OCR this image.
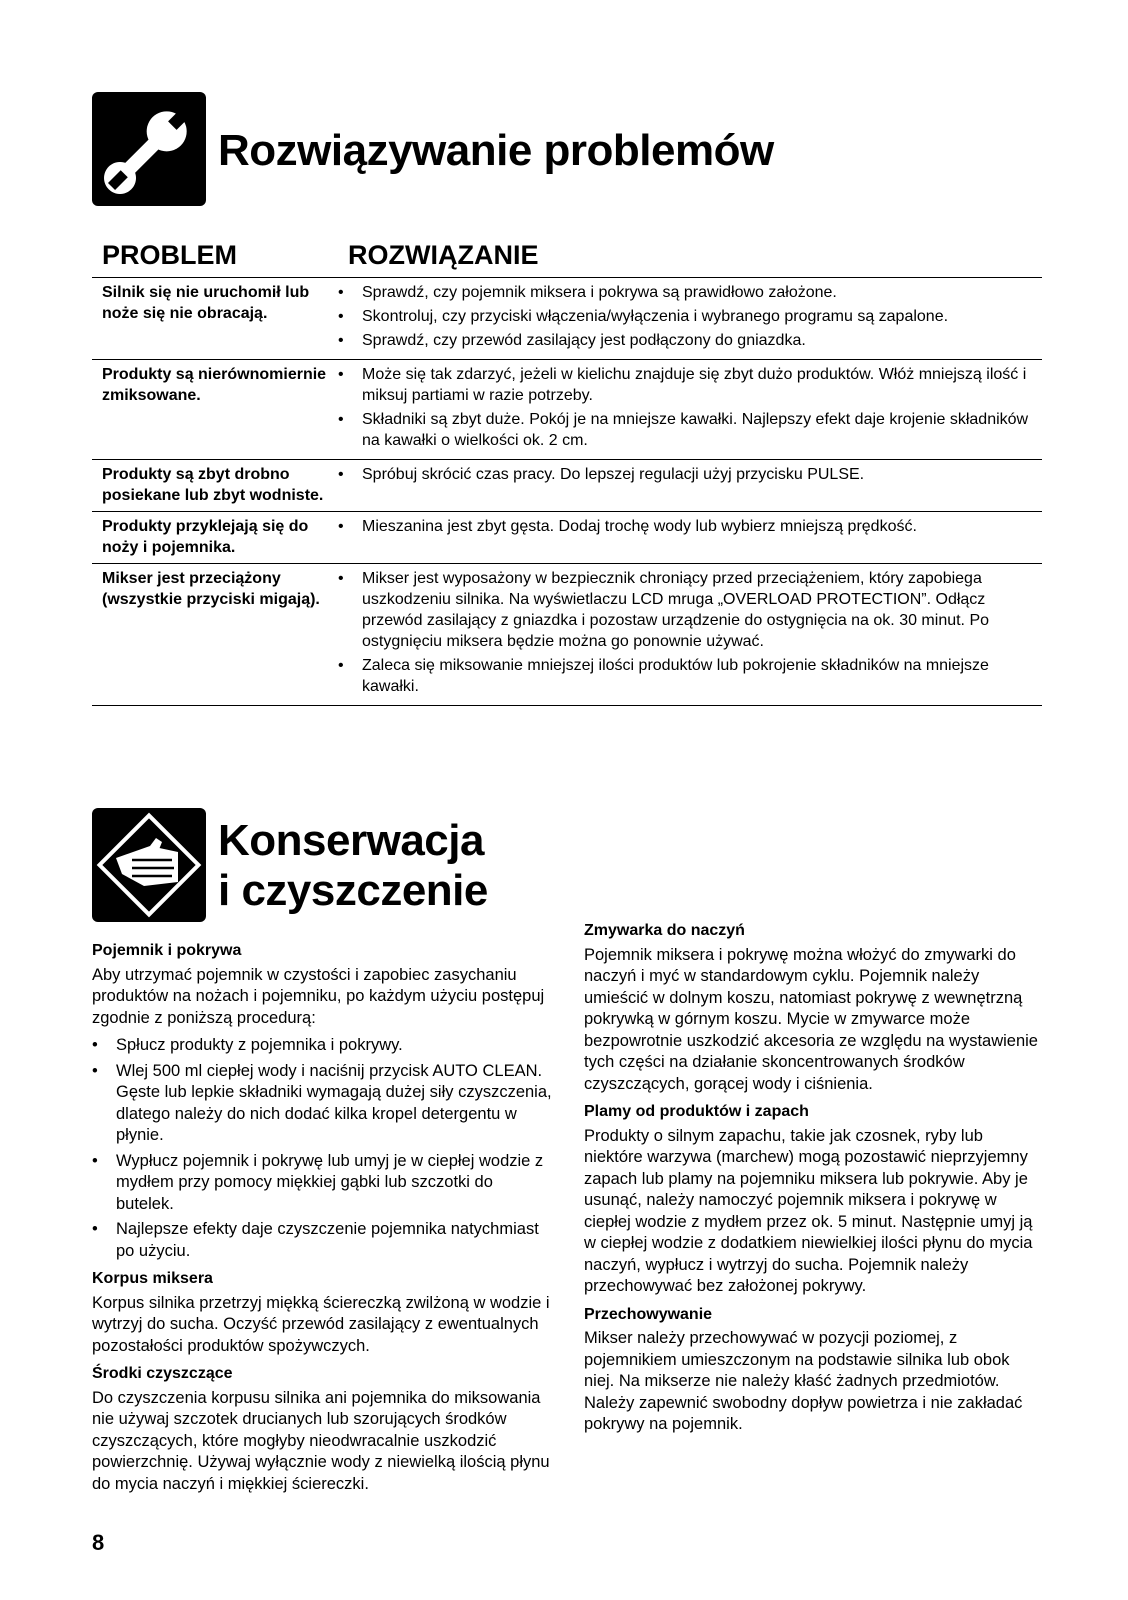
Rozwiązywanie problemów
PROBLEM	ROZWIĄZANIE
Silnik się nie uruchomił lub noże się nie obracają.
• Sprawdź, czy pojemnik miksera i pokrywa są prawidłowo założone.
• Skontroluj, czy przyciski włączenia/wyłączenia i wybranego programu są zapalone.
• Sprawdź, czy przewód zasilający jest podłączony do gniazdka.
Produkty są nierównomiernie zmiksowane.
• Może się tak zdarzyć, jeżeli w kielichu znajduje się zbyt dużo produktów. Włóż mniejszą ilość i miksuj partiami w razie potrzeby.
• Składniki są zbyt duże. Pokój je na mniejsze kawałki. Najlepszy efekt daje krojenie składników na kawałki o wielkości ok. 2 cm.
Produkty są zbyt drobno posiekane lub zbyt wodniste.
• Spróbuj skrócić czas pracy. Do lepszej regulacji użyj przycisku PULSE.
Produkty przyklejają się do noży i pojemnika.
• Mieszanina jest zbyt gęsta. Dodaj trochę wody lub wybierz mniejszą prędkość.
Mikser jest przeciążony (wszystkie przyciski migają).
• Mikser jest wyposażony w bezpiecznik chroniący przed przeciążeniem, który zapobiega uszkodzeniu silnika. Na wyświetlaczu LCD mruga „OVERLOAD PROTECTION”. Odłącz przewód zasilający z gniazdka i pozostaw urządzenie do ostygnięcia na ok. 30 minut. Po ostygnięciu miksera będzie można go ponownie używać.
• Zaleca się miksowanie mniejszej ilości produktów lub pokrojenie składników na mniejsze kawałki.
Konserwacja
i czyszczenie
Pojemnik i pokrywa

Aby utrzymać pojemnik w czystości i zapobiec zasychaniu produktów na nożach i pojemniku, po każdym użyciu postępuj zgodnie z poniższą procedurą:

• Spłucz produkty z pojemnika i pokrywy.
• Wlej 500 ml ciepłej wody i naciśnij przycisk AUTO CLEAN. Gęste lub lepkie składniki wymagają dużej siły czyszczenia, dlatego należy do nich dodać kilka kropel detergentu w płynie.
• Wypłucz pojemnik i pokrywę lub umyj je w ciepłej wodzie z mydłem przy pomocy miękkiej gąbki lub szczotki do butelek.
• Najlepsze efekty daje czyszczenie pojemnika natychmiast po użyciu.
Korpus miksera

Korpus silnika przetrzyj miękką ściereczką zwilżoną w wodzie i wytrzyj do sucha. Oczyść przewód zasilający z ewentualnych pozostałości produktów spożywczych.

Środki czyszczące

Do czyszczenia korpusu silnika ani pojemnika do miksowania nie używaj szczotek drucianych lub szorujących środków czyszczących, które mogłyby nieodwracalnie uszkodzić powierzchnię. Używaj wyłącznie wody z niewielką ilością płynu do mycia naczyń i miękkiej ściereczki.

Zmywarka do naczyń

Pojemnik miksera i pokrywę można włożyć do zmywarki do naczyń i myć w standardowym cyklu. Pojemnik należy umieścić w dolnym koszu, natomiast pokrywę z wewnętrzną pokrywką w górnym koszu. Mycie w zmywarce może bezpowrotnie uszkodzić akcesoria ze względu na wystawienie tych części na działanie skoncentrowanych środków czyszczących, gorącej wody i ciśnienia.

Plamy od produktów i zapach

Produkty o silnym zapachu, takie jak czosnek, ryby lub niektóre warzywa (marchew) mogą pozostawić nieprzyjemny zapach lub plamy na pojemniku miksera lub pokrywie. Aby je usunąć, należy namoczyć pojemnik miksera i pokrywę w ciepłej wodzie z mydłem przez ok. 5 minut. Następnie umyj ją w ciepłej wodzie z dodatkiem niewielkiej ilości płynu do mycia naczyń, wypłucz i wytrzyj do sucha. Pojemnik należy przechowywać bez założonej pokrywy.

Przechowywanie

Mikser należy przechowywać w pozycji poziomej, z pojemnikiem umieszczonym na podstawie silnika lub obok niej. Na mikserze nie należy kłaść żadnych przedmiotów. Należy zapewnić swobodny dopływ powietrza i nie zakładać pokrywy na pojemnik.

8
